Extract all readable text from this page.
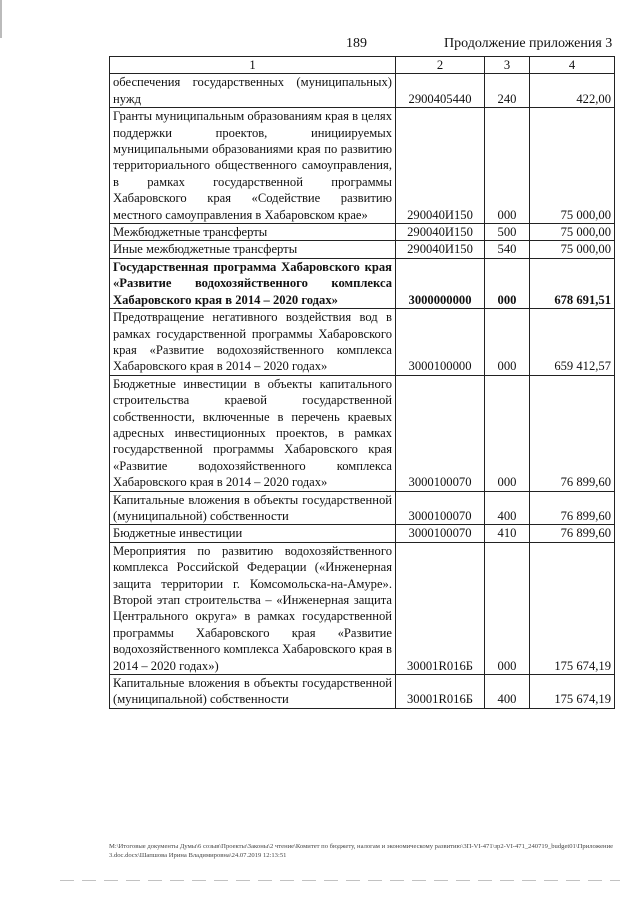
189	Продолжение приложения 3
1	2	3	4
обеспечения государственных (муниципальных) нужд	2900405440	240	422,00
Гранты муниципальным образованиям края в целях поддержки проектов, инициируемых муниципальными образованиями края по развитию территориального общественного самоуправления, в рамках государственной программы Хабаровского края «Содействие развитию местного самоуправления в Хабаровском крае»	290040И150	000	75 000,00
Межбюджетные трансферты	290040И150	500	75 000,00
Иные межбюджетные трансферты	290040И150	540	75 000,00
Государственная программа Хабаровского края «Развитие водохозяйственного комплекса Хабаровского края в 2014 – 2020 годах»	3000000000	000	678 691,51
Предотвращение негативного воздействия вод в рамках государственной программы Хабаровского края «Развитие водохозяйственного комплекса Хабаровского края в 2014 – 2020 годах»	3000100000	000	659 412,57
Бюджетные инвестиции в объекты капитального строительства краевой государственной собственности, включенные в перечень краевых адресных инвестиционных проектов, в рамках государственной программы Хабаровского края «Развитие водохозяйственного комплекса Хабаровского края в 2014 – 2020 годах»	3000100070	000	76 899,60
Капитальные вложения в объекты государственной (муниципальной) собственности	3000100070	400	76 899,60
Бюджетные инвестиции	3000100070	410	76 899,60
Мероприятия по развитию водохозяйственного комплекса Российской Федерации («Инженерная защита территории г. Комсомольска-на-Амуре». Второй этап строительства – «Инженерная защита Центрального округа» в рамках государственной программы Хабаровского края «Развитие водохозяйственного комплекса Хабаровского края в 2014 – 2020 годах»)	30001R016Б	000	175 674,19
Капитальные вложения в объекты государственной (муниципальной) собственности	30001R016Б	400	175 674,19
M:\Итоговые документы Думы\6 созыв\Проекты\Законы\2 чтение\Комитет по бюджету, налогам и экономическому развитию\3П-VI-471\зр2-VI-471_240719_budget01\Приложение 3.doc.docx\Шапшова Ирина Владимировна\24.07.2019 12:13:51
